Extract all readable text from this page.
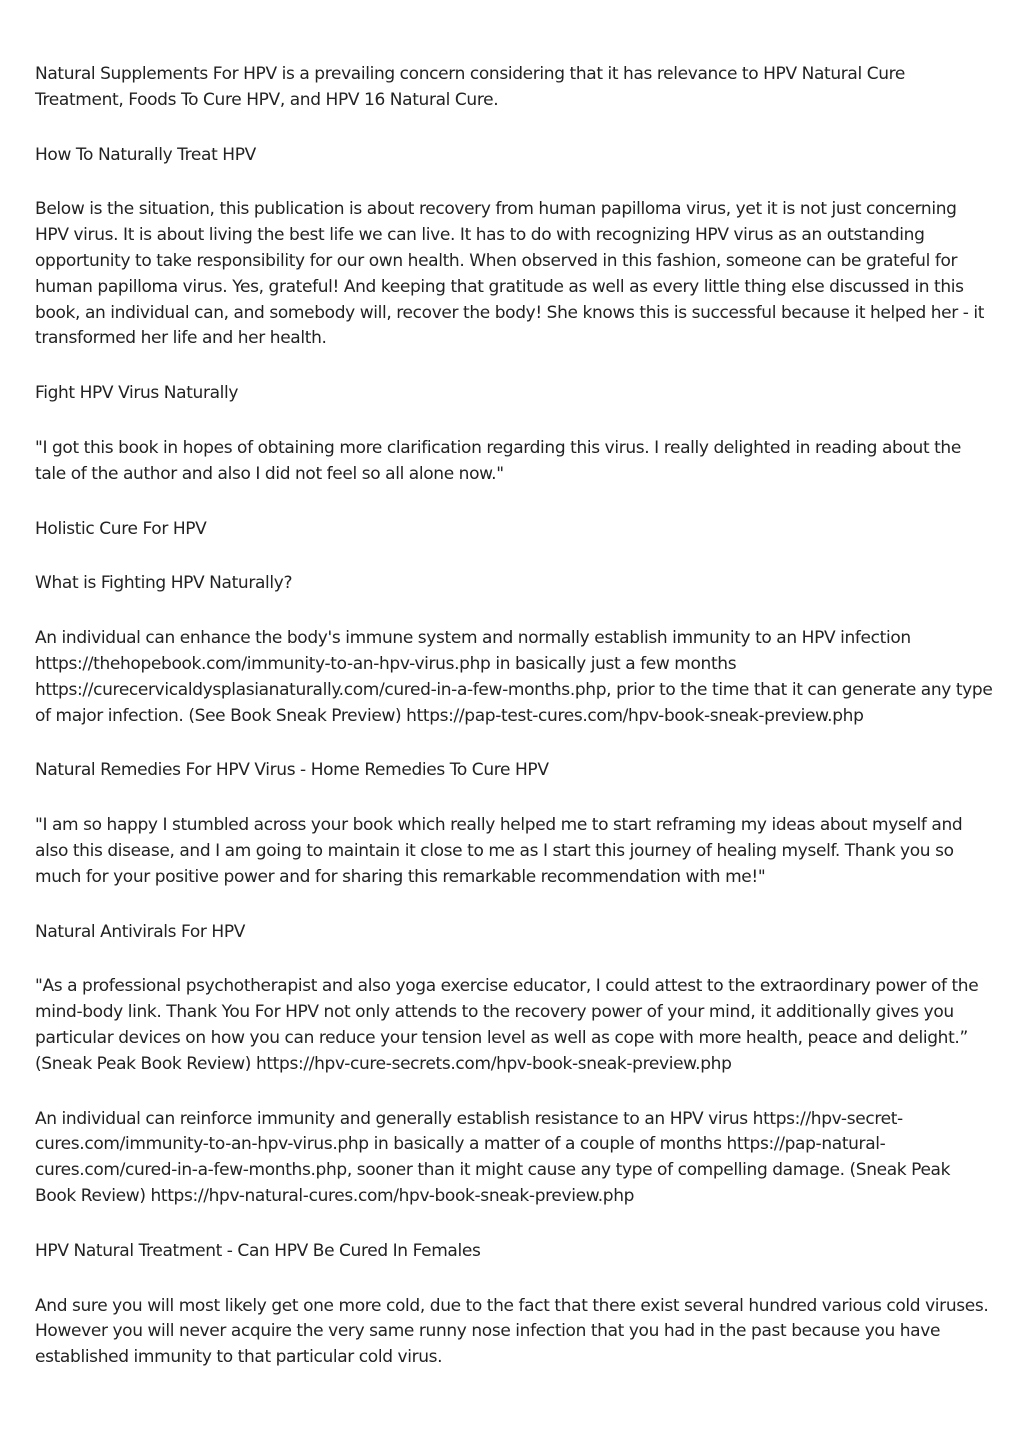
Natural Supplements For HPV is a prevailing concern considering that it has relevance to HPV Natural Cure Treatment, Foods To Cure HPV, and HPV 16 Natural Cure.

How To Naturally Treat HPV

Below is the situation, this publication is about recovery from human papilloma virus, yet it is not just concerning HPV virus. It is about living the best life we can live. It has to do with recognizing HPV virus as an outstanding opportunity to take responsibility for our own health. When observed in this fashion, someone can be grateful for human papilloma virus. Yes, grateful! And keeping that gratitude as well as every little thing else discussed in this book, an individual can, and somebody will, recover the body! She knows this is successful because it helped her - it transformed her life and her health.

Fight HPV Virus Naturally

"I got this book in hopes of obtaining more clarification regarding this virus. I really delighted in reading about the tale of the author and also I did not feel so all alone now."

Holistic Cure For HPV

What is Fighting HPV Naturally?

An individual can enhance the body's immune system and normally establish immunity to an HPV infection https://thehopebook.com/immunity-to-an-hpv-virus.php in basically just a few months https://curecervicaldysplasianaturally.com/cured-in-a-few-months.php, prior to the time that it can generate any type of major infection. (See Book Sneak Preview) https://pap-test-cures.com/hpv-book-sneak-preview.php

Natural Remedies For HPV Virus - Home Remedies To Cure HPV

"I am so happy I stumbled across your book which really helped me to start reframing my ideas about myself and also this disease, and I am going to maintain it close to me as I start this journey of healing myself. Thank you so much for your positive power and for sharing this remarkable recommendation with me!"

Natural Antivirals For HPV

"As a professional psychotherapist and also yoga exercise educator, I could attest to the extraordinary power of the mind-body link. Thank You For HPV not only attends to the recovery power of your mind, it additionally gives you particular devices on how you can reduce your tension level as well as cope with more health, peace and delight.” (Sneak Peak Book Review) https://hpv-cure-secrets.com/hpv-book-sneak-preview.php

An individual can reinforce immunity and generally establish resistance to an HPV virus https://hpv-secret-cures.com/immunity-to-an-hpv-virus.php in basically a matter of a couple of months https://pap-natural-cures.com/cured-in-a-few-months.php, sooner than it might cause any type of compelling damage. (Sneak Peak Book Review) https://hpv-natural-cures.com/hpv-book-sneak-preview.php

HPV Natural Treatment - Can HPV Be Cured In Females

And sure you will most likely get one more cold, due to the fact that there exist several hundred various cold viruses. However you will never acquire the very same runny nose infection that you had in the past because you have established immunity to that particular cold virus.
